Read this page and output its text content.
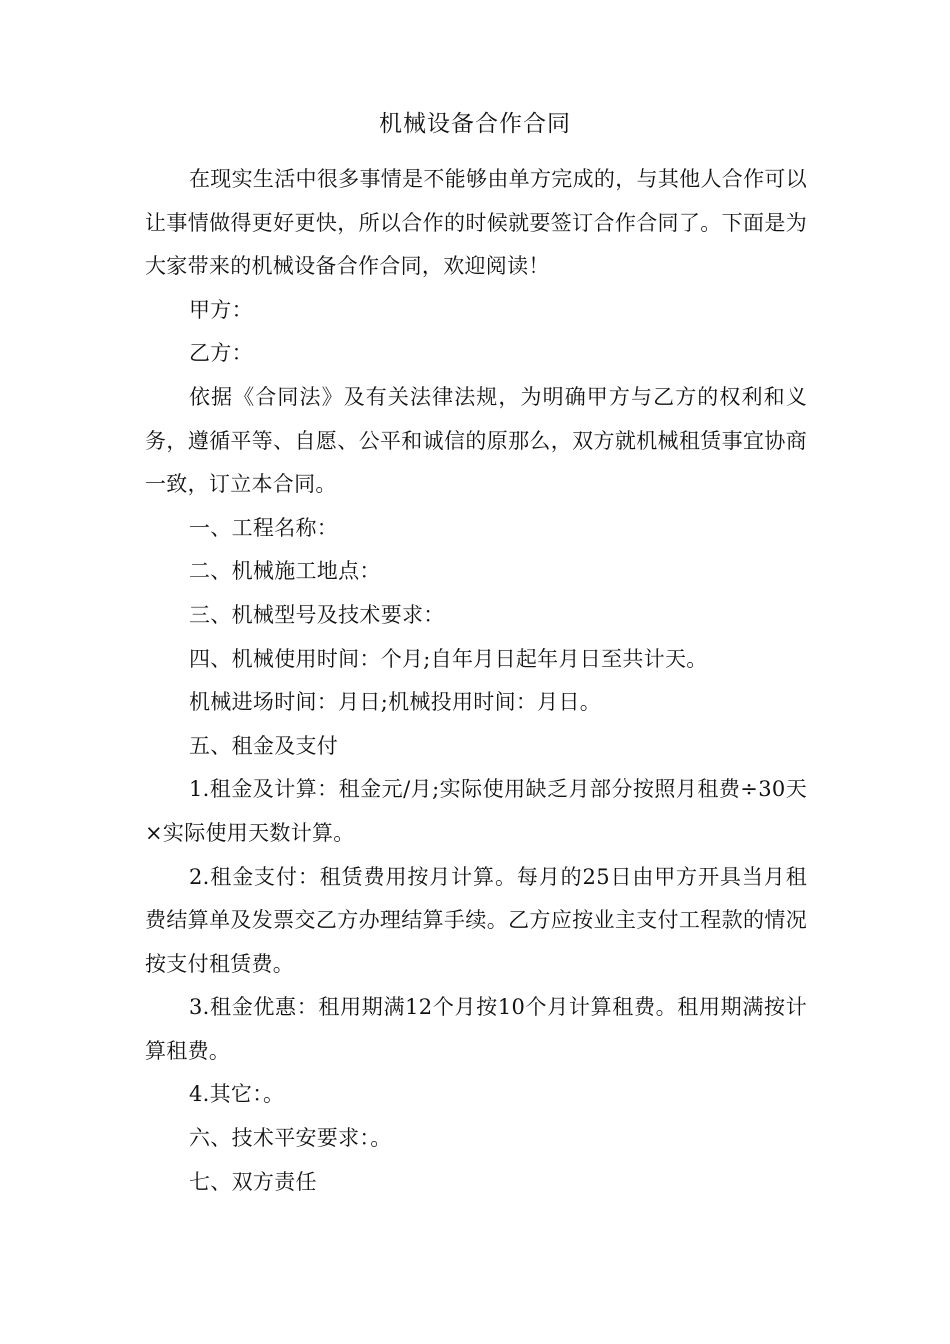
机械设备合作合同

在现实生活中很多事情是不能够由单方完成的，与其他人合作可以让事情做得更好更快，所以合作的时候就要签订合作合同了。下面是为大家带来的机械设备合作合同，欢迎阅读！

甲方：

乙方：

依据《合同法》及有关法律法规，为明确甲方与乙方的权利和义务，遵循平等、自愿、公平和诚信的原那么，双方就机械租赁事宜协商一致，订立本合同。

一、工程名称：

二、机械施工地点：

三、机械型号及技术要求：

四、机械使用时间：个月;自年月日起年月日至共计天。

机械进场时间：月日;机械投用时间：月日。

五、租金及支付

1.租金及计算：租金元/月;实际使用缺乏月部分按照月租费÷30天×实际使用天数计算。

2.租金支付：租赁费用按月计算。每月的25日由甲方开具当月租费结算单及发票交乙方办理结算手续。乙方应按业主支付工程款的情况按支付租赁费。

3.租金优惠：租用期满12个月按10个月计算租费。租用期满按计算租费。

4.其它：。

六、技术平安要求：。

七、双方责任
